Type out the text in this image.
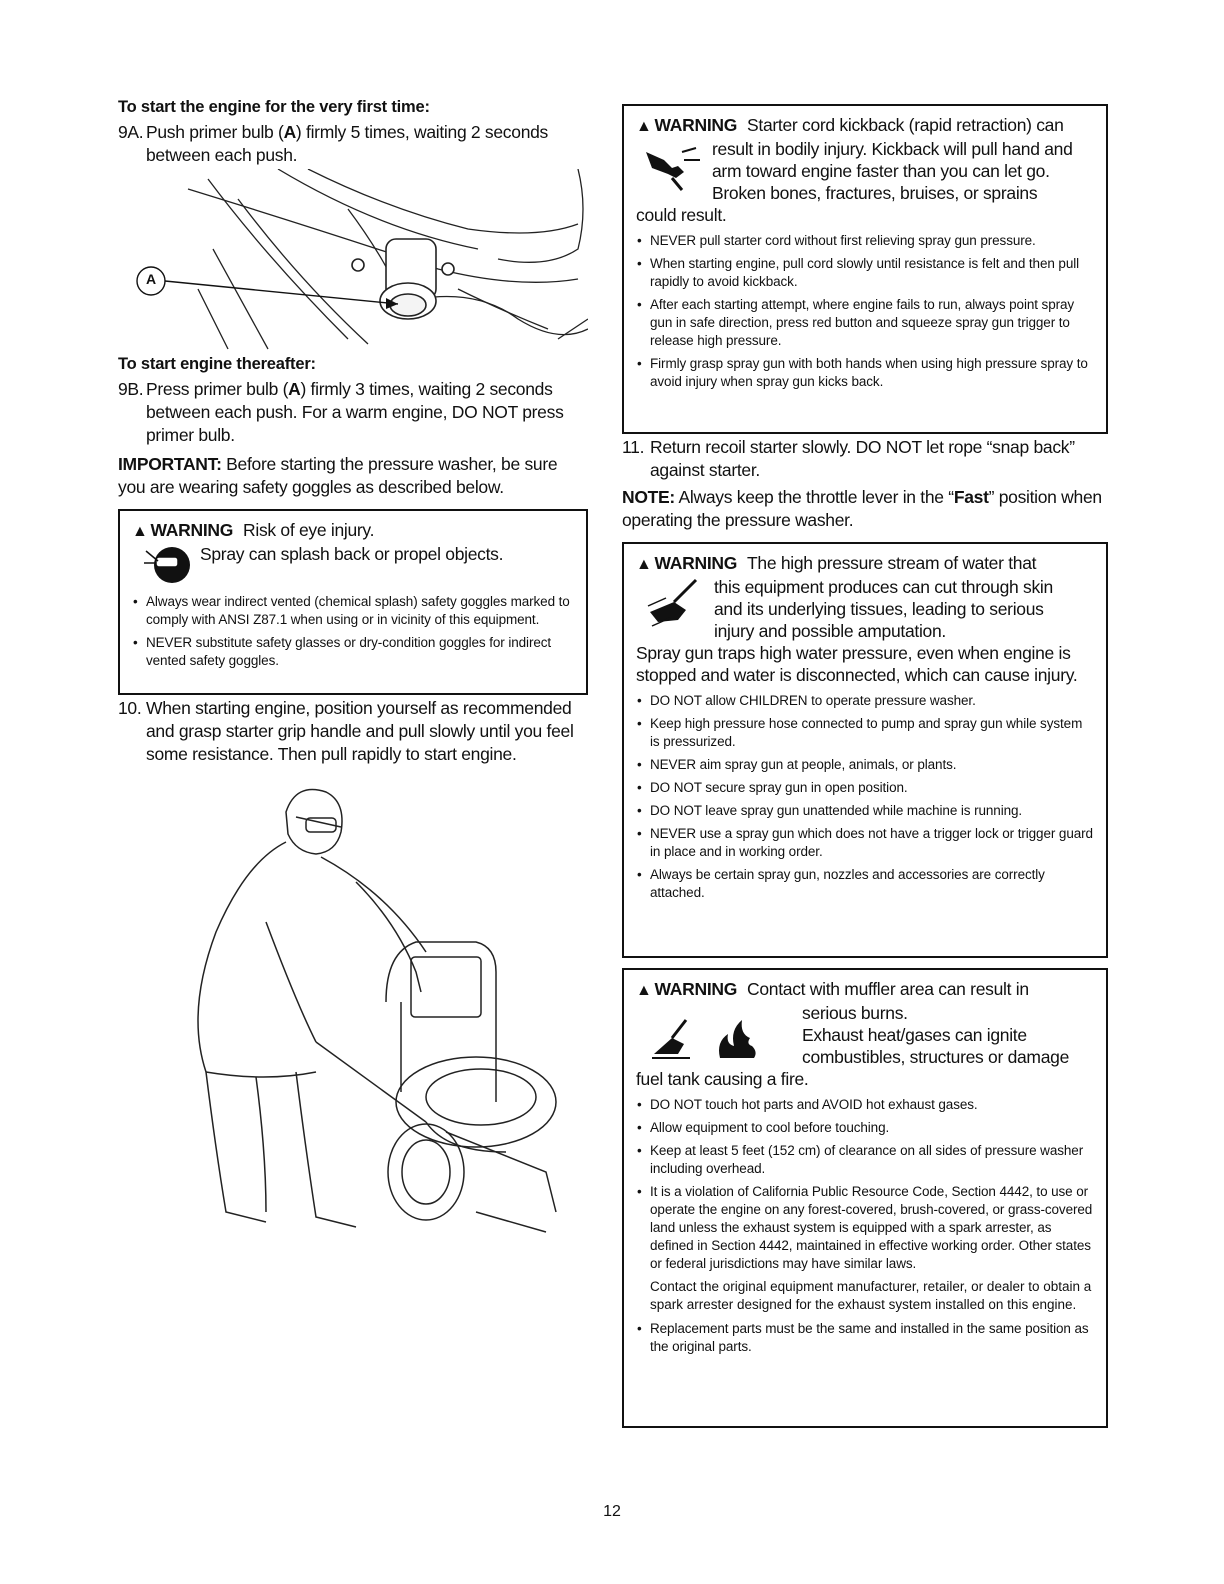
To start the engine for the very first time:

9A. Push primer bulb (A) firmly 5 times, waiting 2 seconds between each push.
A

To start engine thereafter:

9B. Press primer bulb (A) firmly 3 times, waiting 2 seconds between each push. For a warm engine, DO NOT press primer bulb.

IMPORTANT: Before starting the pressure washer, be sure you are wearing safety goggles as described below.

▲ WARNING Risk of eye injury.
Spray can splash back or propel objects.
• Always wear indirect vented (chemical splash) safety goggles marked to comply with ANSI Z87.1 when using or in vicinity of this equipment.
• NEVER substitute safety glasses or dry-condition goggles for indirect vented safety goggles.
10. When starting engine, position yourself as recommended and grasp starter grip handle and pull slowly until you feel some resistance. Then pull rapidly to start engine.
▲ WARNING Starter cord kickback (rapid retraction) can
result in bodily injury. Kickback will pull hand and
arm toward engine faster than you can let go.
Broken bones, fractures, bruises, or sprains
could result.
• NEVER pull starter cord without first relieving spray gun pressure.
• When starting engine, pull cord slowly until resistance is felt and then pull rapidly to avoid kickback.
• After each starting attempt, where engine fails to run, always point spray gun in safe direction, press red button and squeeze spray gun trigger to release high pressure.
• Firmly grasp spray gun with both hands when using high pressure spray to avoid injury when spray gun kicks back.
11. Return recoil starter slowly. DO NOT let rope “snap back” against starter.

NOTE: Always keep the throttle lever in the “Fast” position when operating the pressure washer.

▲ WARNING The high pressure stream of water that
this equipment produces can cut through skin
and its underlying tissues, leading to serious
injury and possible amputation.
Spray gun traps high water pressure, even when engine is stopped and water is disconnected, which can cause injury.
• DO NOT allow CHILDREN to operate pressure washer.
• Keep high pressure hose connected to pump and spray gun while system is pressurized.
• NEVER aim spray gun at people, animals, or plants.
• DO NOT secure spray gun in open position.
• DO NOT leave spray gun unattended while machine is running.
• NEVER use a spray gun which does not have a trigger lock or trigger guard in place and in working order.
• Always be certain spray gun, nozzles and accessories are correctly attached.
▲ WARNING Contact with muffler area can result in
serious burns.
Exhaust heat/gases can ignite
combustibles, structures or damage
fuel tank causing a fire.
• DO NOT touch hot parts and AVOID hot exhaust gases.
• Allow equipment to cool before touching.
• Keep at least 5 feet (152 cm) of clearance on all sides of pressure washer including overhead.
• It is a violation of California Public Resource Code, Section 4442, to use or operate the engine on any forest-covered, brush-covered, or grass-covered land unless the exhaust system is equipped with a spark arrester, as defined in Section 4442, maintained in effective working order. Other states or federal jurisdictions may have similar laws.

Contact the original equipment manufacturer, retailer, or dealer to obtain a spark arrester designed for the exhaust system installed on this engine.

• Replacement parts must be the same and installed in the same position as the original parts.
12
